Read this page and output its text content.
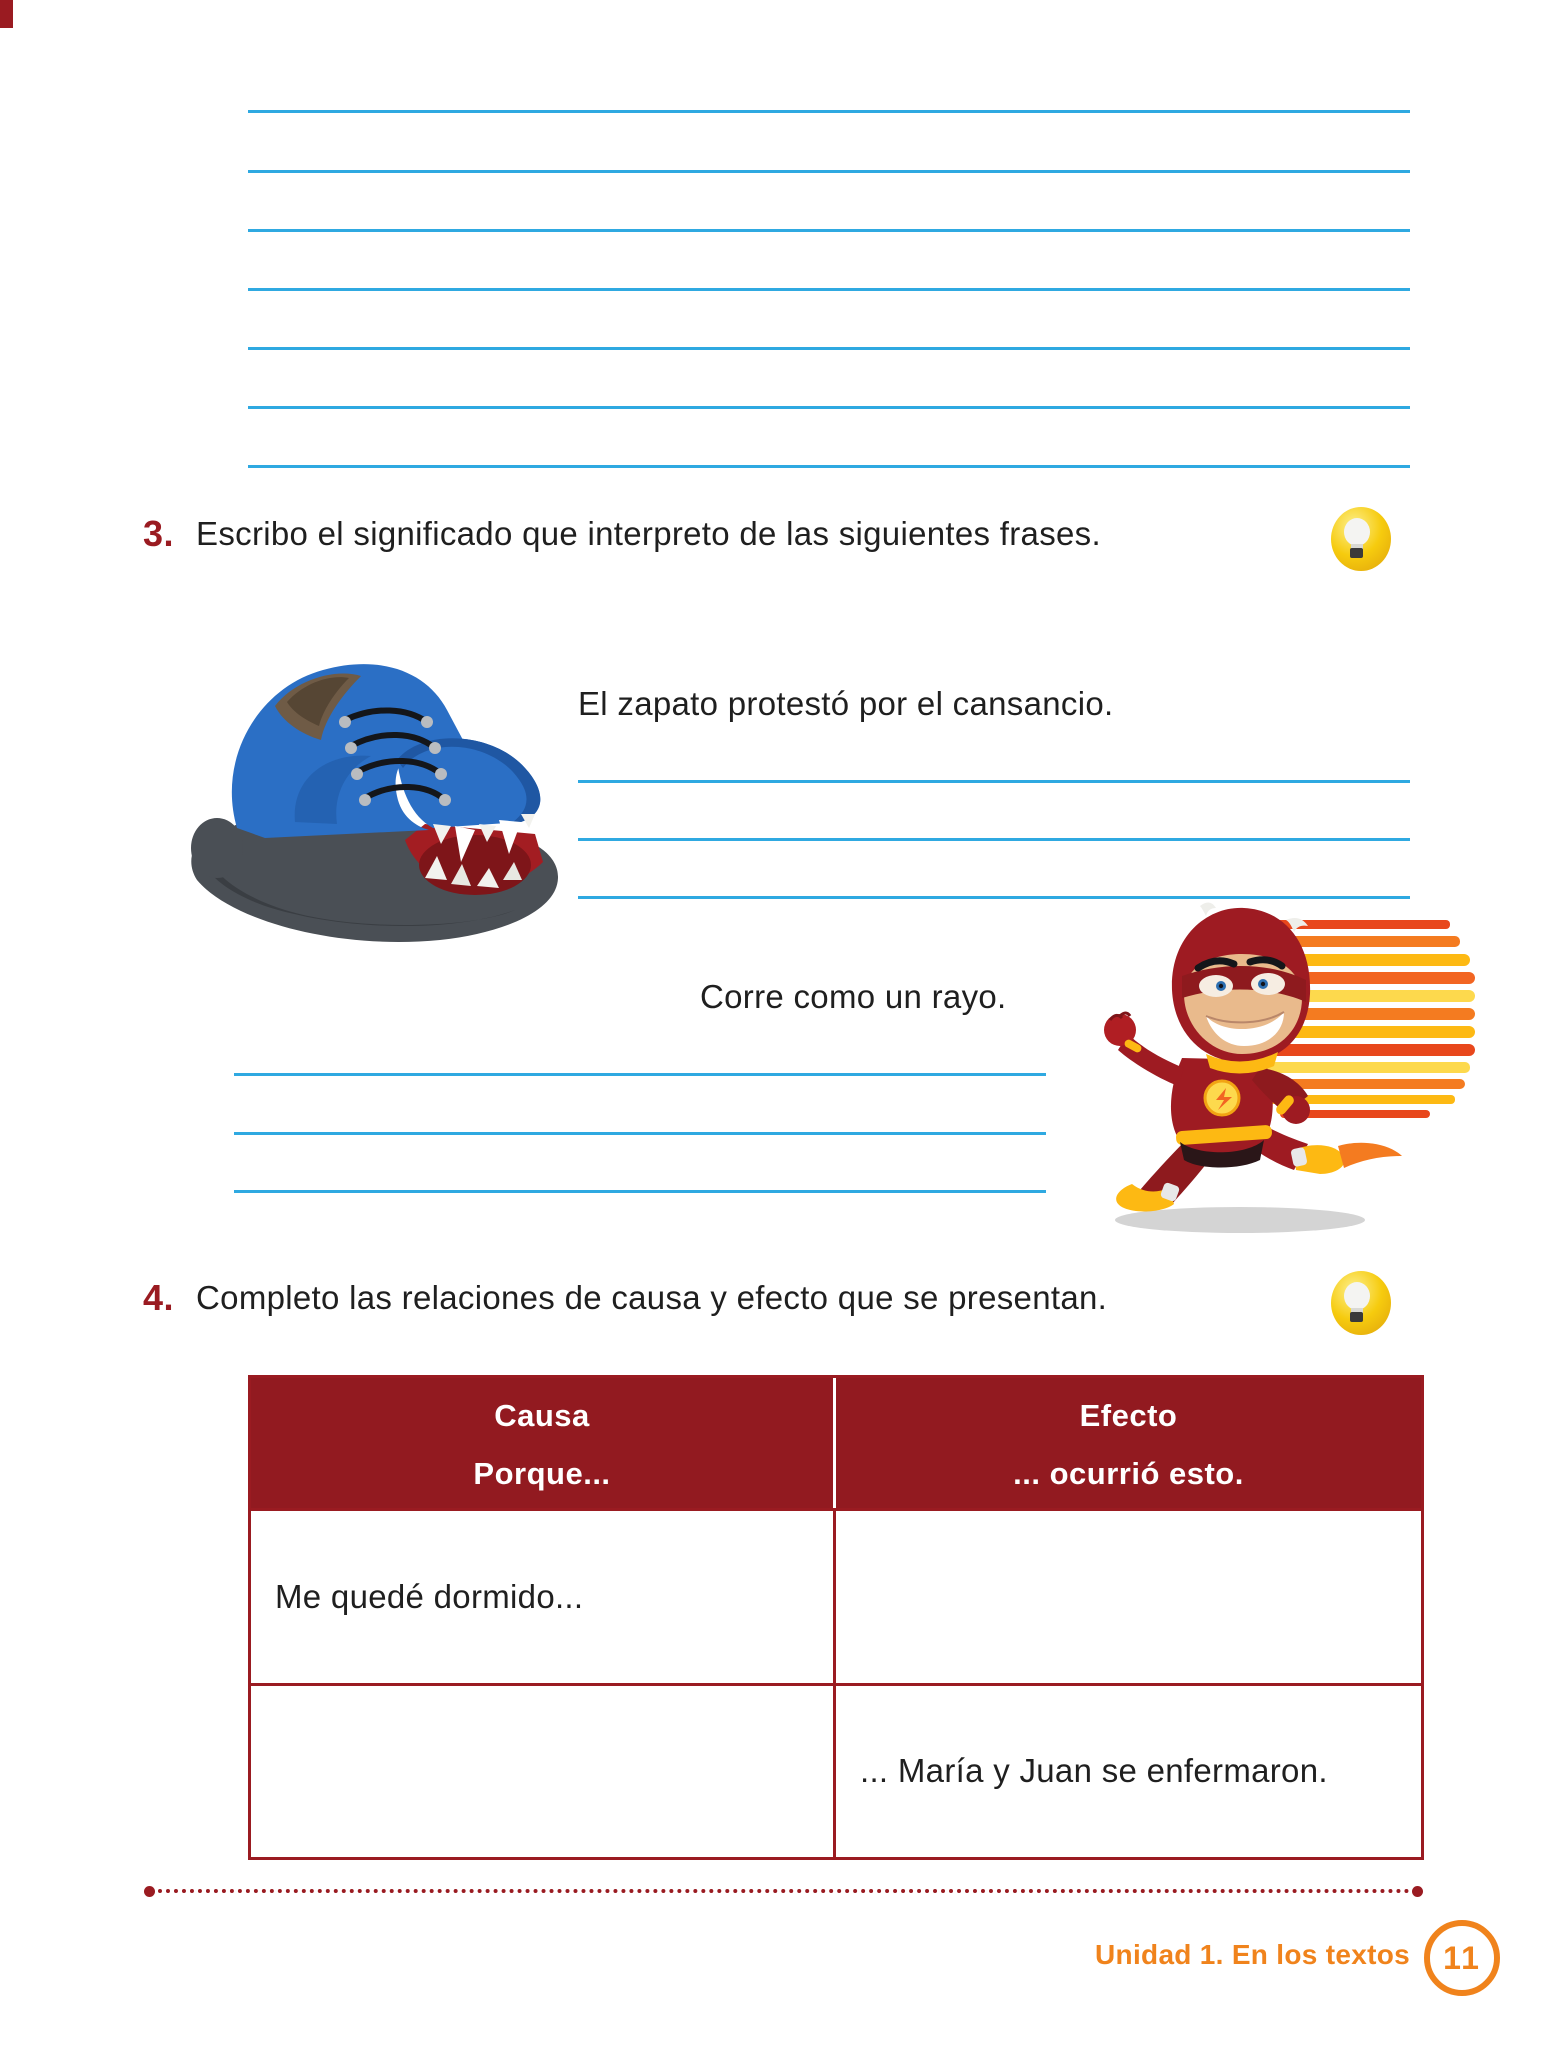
3. Escribo el significado que interpreto de las siguientes frases.
El zapato protestó por el cansancio.
Corre como un rayo.
4. Completo las relaciones de causa y efecto que se presentan.
Causa
Porque...
Efecto
... ocurrió esto.
Me quedé dormido...
... María y Juan se enfermaron.
Unidad 1. En los textos 11
